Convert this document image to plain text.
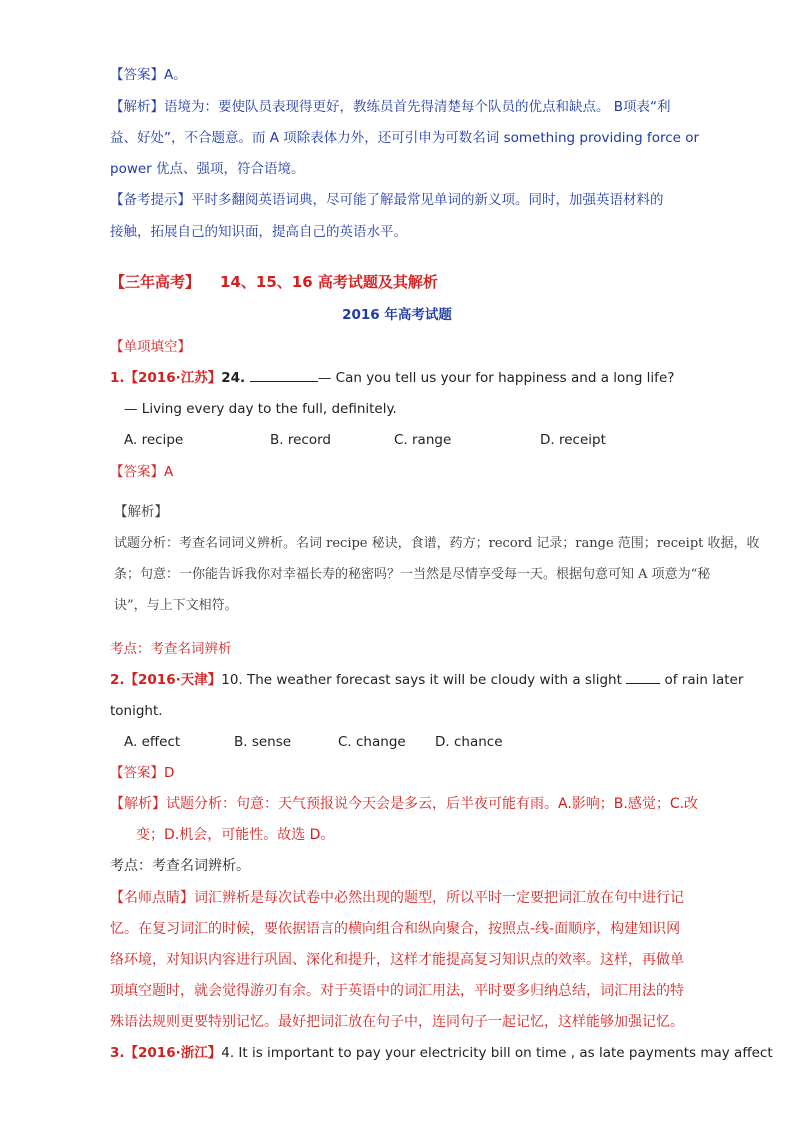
【答案】A。
【解析】语境为：要使队员表现得更好，教练员首先得清楚每个队员的优点和缺点。 B项表“利
益、好处”，不合题意。而 A 项除表体力外，还可引申为可数名词 something providing force or
power 优点、强项，符合语境。
【备考提示】平时多翻阅英语词典，尽可能了解最常见单词的新义项。同时，加强英语材料的
接触，拓展自己的知识面，提高自己的英语水平。
【三年高考】 14、15、16 高考试题及其解析
2016 年高考试题
【单项填空】
1.【2016·江苏】24.	— Can you tell us your for happiness and a long life?
— Living every day to the full, definitely.
A. recipe	B. record	C. range	D. receipt
【答案】A
【解析】
试题分析：考查名词词义辨析。名词 recipe 秘诀，食谱，药方；record 记录；range 范围；receipt 收据，收
条；句意：一你能告诉我你对幸福长寿的秘密吗？一当然是尽情享受每一天。根据句意可知 A 项意为“秘
诀”，与上下文相符。
考点：考查名词辨析
2.【2016·天津】10. The weather forecast says it will be cloudy with a slight	of rain later
tonight.
A. effect	B. sense	C. change D. chance
【答案】D
【解析】试题分析：句意：天气预报说今天会是多云，后半夜可能有雨。A.影响；B.感觉；C.改
变；D.机会，可能性。故选 D。
考点：考查名词辨析。
【名师点睛】词汇辨析是每次试卷中必然出现的题型，所以平时一定要把词汇放在句中进行记
忆。在复习词汇的时候，要依据语言的横向组合和纵向聚合，按照点-线-面顺序，构建知识网
络环境，对知识内容进行巩固、深化和提升，这样才能提高复习知识点的效率。这样，再做单
项填空题时，就会觉得游刃有余。对于英语中的词汇用法，平时要多归纳总结，词汇用法的特
殊语法规则更要特别记忆。最好把词汇放在句子中，连同句子一起记忆，这样能够加强记忆。
3.【2016·浙江】4. It is important to pay your electricity bill on time , as late payments may affect
